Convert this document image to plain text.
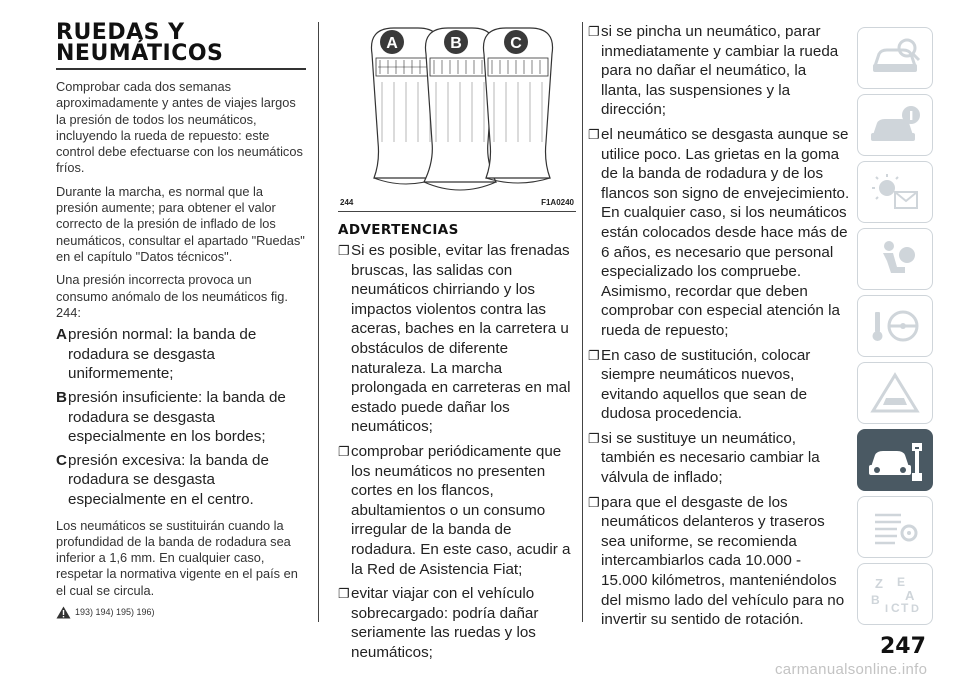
RUEDAS Y NEUMÁTICOS

Comprobar cada dos semanas aproximadamente y antes de viajes largos la presión de todos los neumáticos, incluyendo la rueda de repuesto: este control debe efectuarse con los neumáticos fríos.

Durante la marcha, es normal que la presión aumente; para obtener el valor correcto de la presión de inflado de los neumáticos, consultar el apartado "Ruedas" en el capítulo "Datos técnicos".

Una presión incorrecta provoca un consumo anómalo de los neumáticos fig. 244:

A presión normal: la banda de rodadura se desgasta uniformemente;
B presión insuficiente: la banda de rodadura se desgasta especialmente en los bordes;
C presión excesiva: la banda de rodadura se desgasta especialmente en el centro.

Los neumáticos se sustituirán cuando la profundidad de la banda de rodadura sea inferior a 1,6 mm. En cualquier caso, respetar la normativa vigente en el país en el cual se circula.

193) 194) 195) 196)
A	B	C
244	F1A0240
ADVERTENCIAS
❐ Si es posible, evitar las frenadas bruscas, las salidas con neumáticos chirriando y los impactos violentos contra las aceras, baches en la carretera u obstáculos de diferente naturaleza. La marcha prolongada en carreteras en mal estado puede dañar los neumáticos;
❐ comprobar periódicamente que los neumáticos no presenten cortes en los flancos, abultamientos o un consumo irregular de la banda de rodadura. En este caso, acudir a la Red de Asistencia Fiat;
❐ evitar viajar con el vehículo sobrecargado: podría dañar seriamente las ruedas y los neumáticos;
❐ si se pincha un neumático, parar inmediatamente y cambiar la rueda para no dañar el neumático, la llanta, las suspensiones y la dirección;
❐ el neumático se desgasta aunque se utilice poco. Las grietas en la goma de la banda de rodadura y de los flancos son signo de envejecimiento. En cualquier caso, si los neumáticos están colocados desde hace más de 6 años, es necesario que personal especializado los compruebe. Asimismo, recordar que deben comprobar con especial atención la rueda de repuesto;
❐ En caso de sustitución, colocar siempre neumáticos nuevos, evitando aquellos que sean de dudosa procedencia.
❐ si se sustituye un neumático, también es necesario cambiar la válvula de inflado;
❐ para que el desgaste de los neumáticos delanteros y traseros sea uniforme, se recomienda intercambiarlos cada 10.000 - 15.000 kilómetros, manteniéndolos del mismo lado del vehículo para no invertir su sentido de rotación.
Z E
A
B
I C T D
247
carmanualsonline.info
